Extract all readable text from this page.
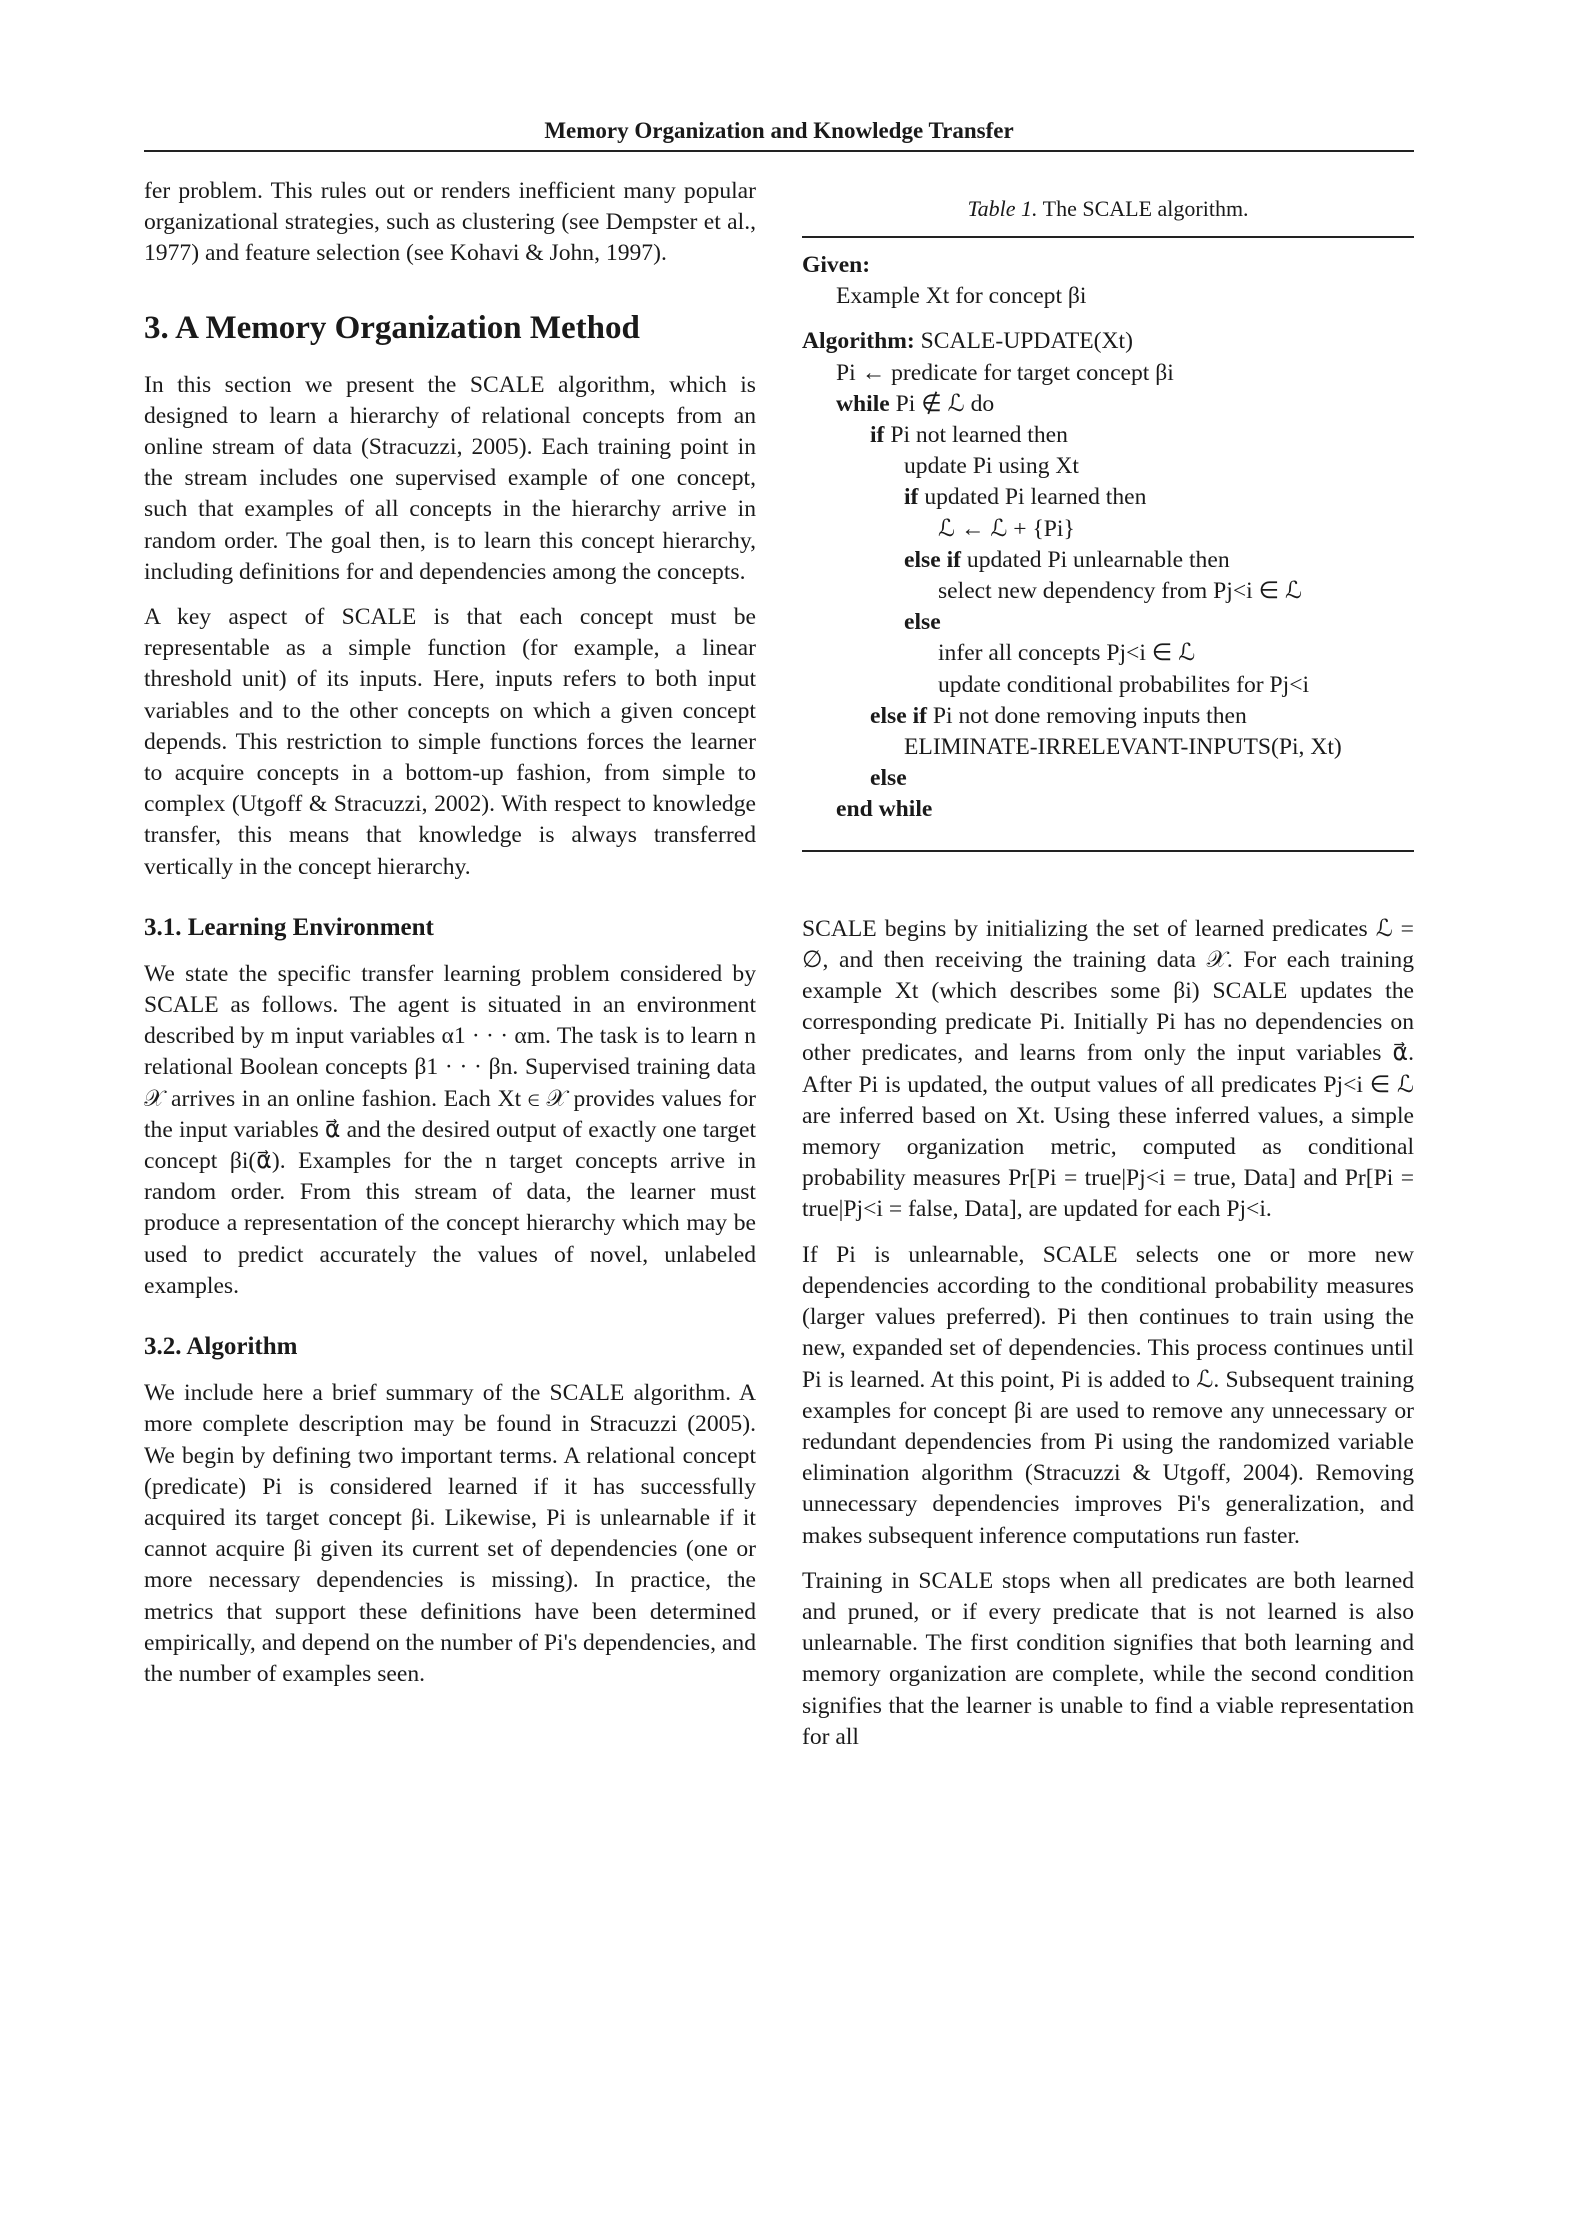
Memory Organization and Knowledge Transfer

fer problem. This rules out or renders inefficient many popular organizational strategies, such as clustering (see Dempster et al., 1977) and feature selection (see Kohavi & John, 1997).

3. A Memory Organization Method

In this section we present the SCALE algorithm, which is designed to learn a hierarchy of relational concepts from an online stream of data (Stracuzzi, 2005). Each training point in the stream includes one supervised example of one concept, such that examples of all concepts in the hierarchy arrive in random order. The goal then, is to learn this concept hierarchy, including definitions for and dependencies among the concepts.

A key aspect of SCALE is that each concept must be representable as a simple function (for example, a linear threshold unit) of its inputs. Here, inputs refers to both input variables and to the other concepts on which a given concept depends. This restriction to simple functions forces the learner to acquire concepts in a bottom-up fashion, from simple to complex (Utgoff & Stracuzzi, 2002). With respect to knowledge transfer, this means that knowledge is always transferred vertically in the concept hierarchy.

3.1. Learning Environment

We state the specific transfer learning problem considered by SCALE as follows. The agent is situated in an environment described by m input variables α1 · · · αm. The task is to learn n relational Boolean concepts β1 · · · βn. Supervised training data 𝒳 arrives in an online fashion. Each Xt ∈ 𝒳 provides values for the input variables α⃗ and the desired output of exactly one target concept βi(α⃗). Examples for the n target concepts arrive in random order. From this stream of data, the learner must produce a representation of the concept hierarchy which may be used to predict accurately the values of novel, unlabeled examples.

3.2. Algorithm

We include here a brief summary of the SCALE algorithm. A more complete description may be found in Stracuzzi (2005). We begin by defining two important terms. A relational concept (predicate) Pi is considered learned if it has successfully acquired its target concept βi. Likewise, Pi is unlearnable if it cannot acquire βi given its current set of dependencies (one or more necessary dependencies is missing). In practice, the metrics that support these definitions have been determined empirically, and depend on the number of Pi's dependencies, and the number of examples seen.

Table 1. The SCALE algorithm.
Given:
Example Xt for concept βi
Algorithm: SCALE-UPDATE(Xt)
Pi ← predicate for target concept βi
while Pi ∉ ℒ do
if Pi not learned then
update Pi using Xt
if updated Pi learned then
ℒ ← ℒ + {Pi}
else if updated Pi unlearnable then
select new dependency from Pj<i ∈ ℒ
else
infer all concepts Pj<i ∈ ℒ
update conditional probabilites for Pj<i
else if Pi not done removing inputs then
ELIMINATE-IRRELEVANT-INPUTS(Pi, Xt)
else
end while

SCALE begins by initializing the set of learned predicates ℒ = ∅, and then receiving the training data 𝒳. For each training example Xt (which describes some βi) SCALE updates the corresponding predicate Pi. Initially Pi has no dependencies on other predicates, and learns from only the input variables α⃗. After Pi is updated, the output values of all predicates Pj<i ∈ ℒ are inferred based on Xt. Using these inferred values, a simple memory organization metric, computed as conditional probability measures Pr[Pi = true|Pj<i = true, Data] and Pr[Pi = true|Pj<i = false, Data], are updated for each Pj<i.

If Pi is unlearnable, SCALE selects one or more new dependencies according to the conditional probability measures (larger values preferred). Pi then continues to train using the new, expanded set of dependencies. This process continues until Pi is learned. At this point, Pi is added to ℒ. Subsequent training examples for concept βi are used to remove any unnecessary or redundant dependencies from Pi using the randomized variable elimination algorithm (Stracuzzi & Utgoff, 2004). Removing unnecessary dependencies improves Pi's generalization, and makes subsequent inference computations run faster.

Training in SCALE stops when all predicates are both learned and pruned, or if every predicate that is not learned is also unlearnable. The first condition signifies that both learning and memory organization are complete, while the second condition signifies that the learner is unable to find a viable representation for all
